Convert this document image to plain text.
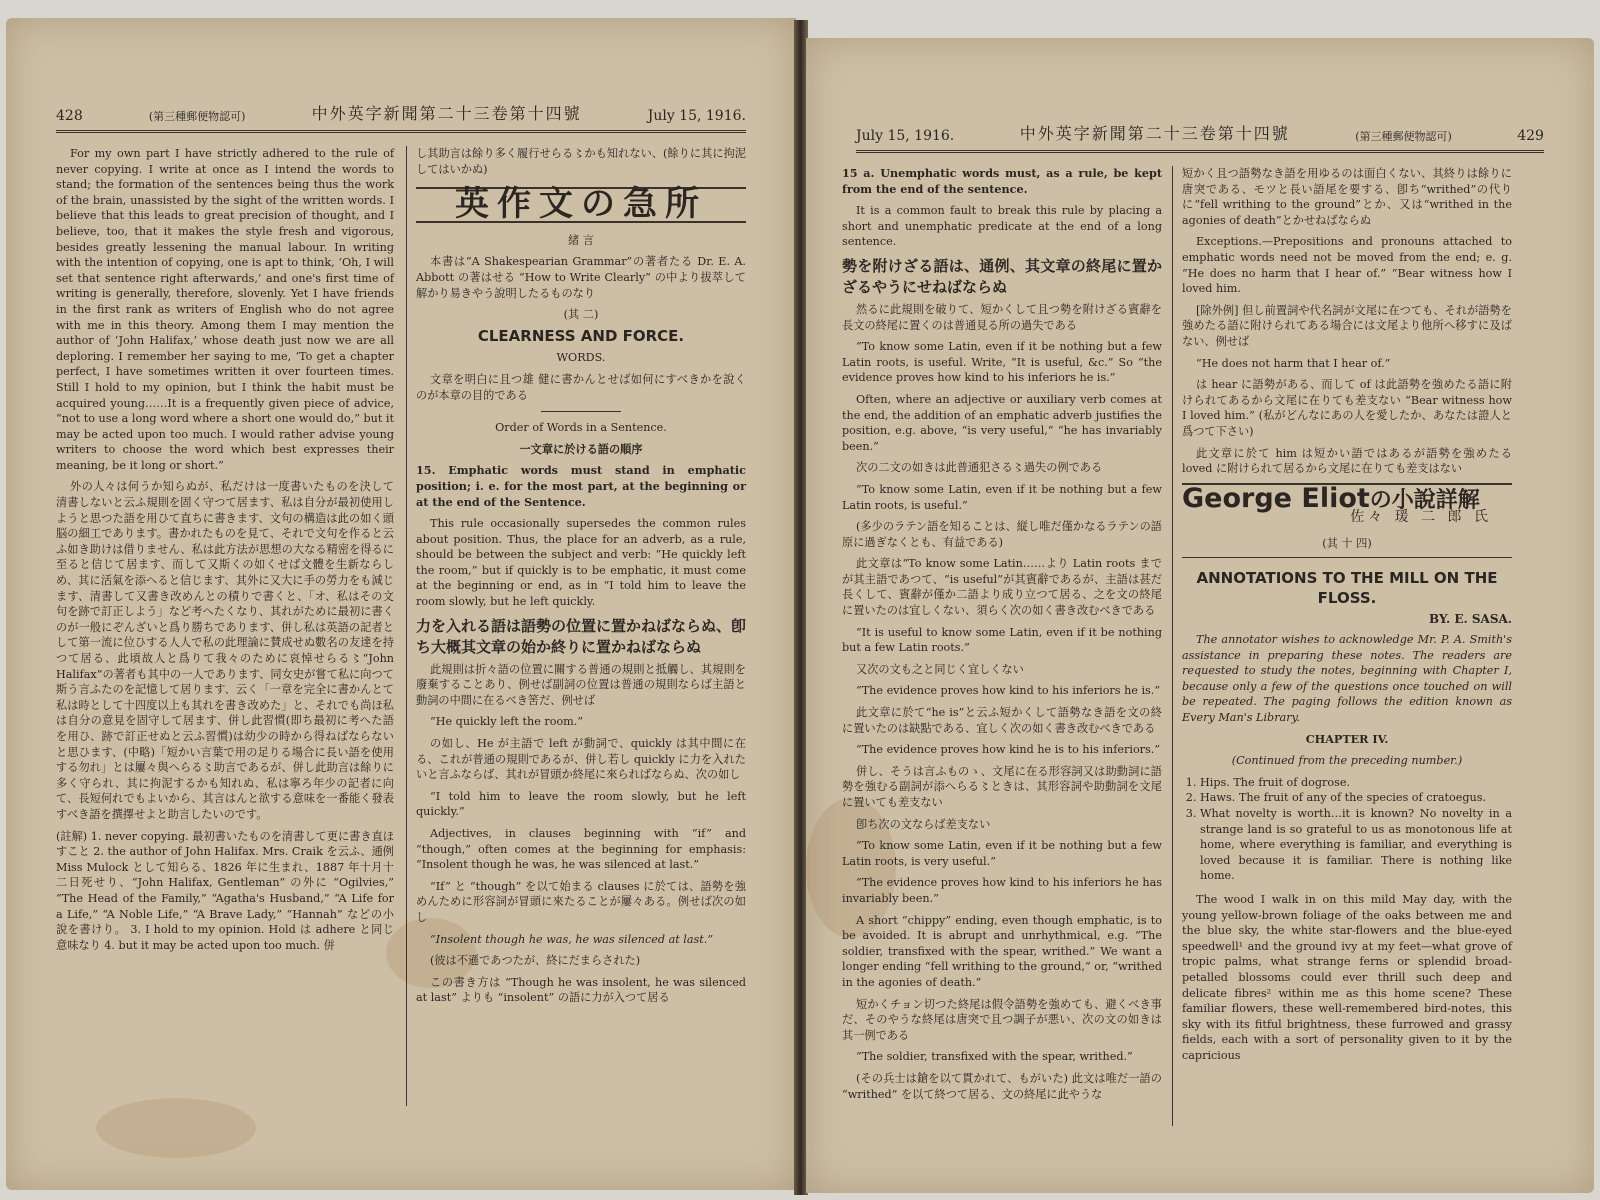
428	(第三種郵便物認可)	中外英字新聞第二十三卷第十四號	July 15, 1916.

For my own part I have strictly adhered to the rule of never copying. I write at once as I intend the words to stand; the formation of the sentences being thus the work of the brain, unassisted by the sight of the written words. I believe that this leads to great precision of thought, and I believe, too, that it makes the style fresh and vigorous, besides greatly lessening the manual labour. In writing with the intention of copying, one is apt to think, ‘Oh, I will set that sentence right afterwards,’ and one's first time of writing is generally, therefore, slovenly. Yet I have friends in the first rank as writers of English who do not agree with me in this theory. Among them I may mention the author of ‘John Halifax,’ whose death just now we are all deploring. I remember her saying to me, ‘To get a chapter perfect, I have sometimes written it over fourteen times. Still I hold to my opinion, but I think the habit must be acquired young……It is a frequently given piece of advice, “not to use a long word where a short one would do,” but it may be acted upon too much. I would rather advise young writers to choose the word which best expresses their meaning, be it long or short.”

外の人々は何うか知らぬが、私だけは一度書いたものを決して清書しないと云ふ規則を固く守つて居ます、私は自分が最初使用しようと思つた語を用ひて直ちに書きます、文句の構造は此の如く頭脳の細工であります。書かれたものを見て、それで文句を作ると云ふ如き助けは借りません、私は此方法が思想の大なる精密を得るに至ると信じて居ます、而して又斯くの如くせば文體を生新ならしめ、其に活氣を添へると信じます、其外に又大に手の勞力をも減じます、清書して又書き改めんとの積りで書くと、「オ、私はその文句を跡で訂正しよう」など考へたくなり、其れがために最初に書くのが一般にぞんざいと爲り勝ちであります、併し私は英語の記者として第一流に位ひする人人で私の此理論に賛成せぬ數名の友達を持つて居る、此頃故人と爲りて我々のために哀悼せらる〻“John Halifax”の著者も其中の一人であります、同女史が嘗て私に向つて斯う言ふたのを記憶して居ります、云く「一章を完全に書かんとて私は時として十四度以上も其れを書き改めた」と、それでも尚ほ私は自分の意見を固守して居ます、併し此習慣(即ち最初に考へた語を用ひ、跡で訂正せぬと云ふ習慣)は幼少の時から得ねばならないと思ひます、(中略)「短かい言葉で用の足りる場合に長い語を使用する勿れ」とは屢々與へらる〻助言であるが、併し此助言は餘りに多く守られ、其に拘泥するかも知れぬ、私は寧ろ年少の記者に向て、長短何れでもよいから、其言はんと欲する意味を一番能く發表すべき語を撰擇せよと助言したいのです。

(註解) 1. never copying. 最初書いたものを清書して更に書き直ほすこと 2. the author of John Halifax. Mrs. Craik を云ふ、通例 Miss Mulock として知らる、1826 年に生まれ、1887 年十月十二日死せり、“John Halifax, Gentleman” の外に “Ogilvies,” “The Head of the Family,” “Agatha's Husband,” “A Life for a Life,” “A Noble Life,” “A Brave Lady,” “Hannah” などの小說を書けり。 3. I hold to my opinion. Hold は adhere と同じ意味なり 4. but it may be acted upon too much. 併

し其助言は餘り多く履行せらる〻かも知れない、(餘りに其に拘泥してはいかぬ)

英作文の急所

緒 言

本書は“A Shakespearian Grammar”の著者たる Dr. E. A. Abbott の著はせる “How to Write Clearly” の中より拔萃して解かり易きやう說明したるものなり

(其 二)

CLEARNESS AND FORCE.

WORDS.

文章を明白に且つ雄 健に書かんとせば如何にすべきかを說くのが本章の目的である

Order of Words in a Sentence.

一文章に於ける語の順序

15. Emphatic words must stand in emphatic position; i. e. for the most part, at the beginning or at the end of the Sentence.

This rule occasionally supersedes the common rules about position. Thus, the place for an adverb, as a rule, should be between the subject and verb: “He quickly left the room,” but if quickly is to be emphatic, it must come at the beginning or end, as in “I told him to leave the room slowly, but he left quickly.

力を入れる語は語勢の位置に置かねばならぬ、卽ち大概其文章の始か終りに置かねばならぬ

此規則は折々語の位置に關する普通の規則と抵觸し、其規則を廢棄することあり、例せば副詞の位置は普通の規則ならば主語と動詞の中間に在るべき筈だ、例せば

“He quickly left the room.”

の如し、He が主語で left が動詞で、quickly は其中間に在る、これが普通の規則であるが、併し若し quickly に力を入れたいと言ふならば、其れが冒頭か終尾に來らればならぬ、次の如し

“I told him to leave the room slowly, but he left quickly.”

Adjectives, in clauses beginning with “if” and “though,” often comes at the beginning for emphasis: “Insolent though he was, he was silenced at last.”

“If” と “though” を以て始まる clauses に於ては、語勢を強めんために形容詞が冒頭に來たることが屢々ある。例せば次の如し

“Insolent though he was, he was silenced at last.”

(彼は不遜であつたが、終にだまらされた)

この書き方は “Though he was insolent, he was silenced at last” よりも “insolent” の語に力が入つて居る

July 15, 1916.	中外英字新聞第二十三卷第十四號	(第三種郵便物認可)	429

15 a. Unemphatic words must, as a rule, be kept from the end of the sentence.

It is a common fault to break this rule by placing a short and unemphatic predicate at the end of a long sentence.

勢を附けざる語は、通例、其文章の終尾に置かざるやうにせねばならぬ

然るに此規則を破りて、短かくして且つ勢を附けざる賓辭を長文の終尾に置くのは普通見る所の過失である

“To know some Latin, even if it be nothing but a few Latin roots, is useful. Write, “It is useful, &c.” So “the evidence proves how kind to his inferiors he is.”

Often, where an adjective or auxiliary verb comes at the end, the addition of an emphatic adverb justifies the position, e.g. above, “is very useful,” “he has invariably been.”

次の二文の如きは此普通犯さる〻過失の例である

“To know some Latin, even if it be nothing but a few Latin roots, is useful.”

(多少のラテン語を知ることは、縦し唯だ僅かなるラテンの語原に過ぎなくとも、有益である)

此文章は“To know some Latin……より Latin roots までが其主語であつて、“is useful”が其賓辭であるが、主語は甚だ長くして、賓辭が僅か二語より成り立つて居る、之を文の終尾に置いたのは宜しくない、須らく次の如く書き改むべきである

“It is useful to know some Latin, even if it be nothing but a few Latin roots.”

又次の文も之と同じく宜しくない

“The evidence proves how kind to his inferiors he is.”

此文章に於て“he is”と云ふ短かくして語勢なき語を文の終に置いたのは缺點である、宜しく次の如く書き改むべきである

“The evidence proves how kind he is to his inferiors.”

併し、そうは言ふものゝ、文尾に在る形容詞又は助動詞に語勢を強むる副詞が添へらる〻ときは、其形容詞や助動詞を文尾に置いても差支ない

卽ち次の文ならば差支ない

“To know some Latin, even if it be nothing but a few Latin roots, is very useful.”

“The evidence proves how kind to his inferiors he has invariably been.”

A short “chippy” ending, even though emphatic, is to be avoided. It is abrupt and unrhythmical, e.g. “The soldier, transfixed with the spear, writhed.” We want a longer ending “fell writhing to the ground,” or, “writhed in the agonies of death.”

短かくチョン切つた終尾は假令語勢を強めても、避くべき事だ、そのやうな終尾は唐突で且つ調子が悪い、次の文の如きは其一例である

“The soldier, transfixed with the spear, writhed.”

(その兵士は鎗を以て貫かれて、もがいた) 此文は唯だ一語の “writhed” を以て終つて居る、文の終尾に此やうな

短かく且つ語勢なき語を用ゆるのは面白くない、其終りは餘りに唐突である、モツと長い語尾を要する、卽ち“writhed”の代りに“fell writhing to the ground”とか、又は“writhed in the agonies of death”とかせねばならぬ

Exceptions.—Prepositions and pronouns attached to emphatic words need not be moved from the end; e. g. “He does no harm that I hear of.” “Bear witness how I loved him.

[除外例] 但し前置詞や代名詞が文尾に在つても、それが語勢を強めたる語に附けられてある場合には文尾より他所へ移すに及ばない、例せば

“He does not harm that I hear of.”

は hear に語勢がある、而して of は此語勢を強めたる語に附けられてあるから文尾に在りても差支ない “Bear witness how I loved him.” (私がどんなにあの人を愛したか、あなたは證人と爲つて下さい)

此文章に於て him は短かい語ではあるが語勢を強めたる loved に附けられて居るから文尾に在りても差支はない

George Eliotの小說詳解
佐々 瑗 二 郎 氏

(其 十 四)

ANNOTATIONS TO THE MILL ON THE FLOSS.
BY. E. SASA.

The annotator wishes to acknowledge Mr. P. A. Smith's assistance in preparing these notes. The readers are requested to study the notes, beginning with Chapter I, because only a few of the questions once touched on will be repeated. The paging follows the edition known as Every Man's Library.

CHAPTER IV.

(Continued from the preceding number.)

1. Hips. The fruit of dogrose.
2. Haws. The fruit of any of the species of cratoegus.
3. What novelty is worth…it is known? No novelty in a strange land is so grateful to us as monotonous life at home, where everything is familiar, and everything is loved because it is familiar. There is nothing like home.

The wood I walk in on this mild May day, with the young yellow-brown foliage of the oaks between me and the blue sky, the white star-flowers and the blue-eyed speedwell¹ and the ground ivy at my feet—what grove of tropic palms, what strange ferns or splendid broad-petalled blossoms could ever thrill such deep and delicate fibres² within me as this home scene? These familiar flowers, these well-remembered bird-notes, this sky with its fitful brightness, these furrowed and grassy fields, each with a sort of personality given to it by the capricious
